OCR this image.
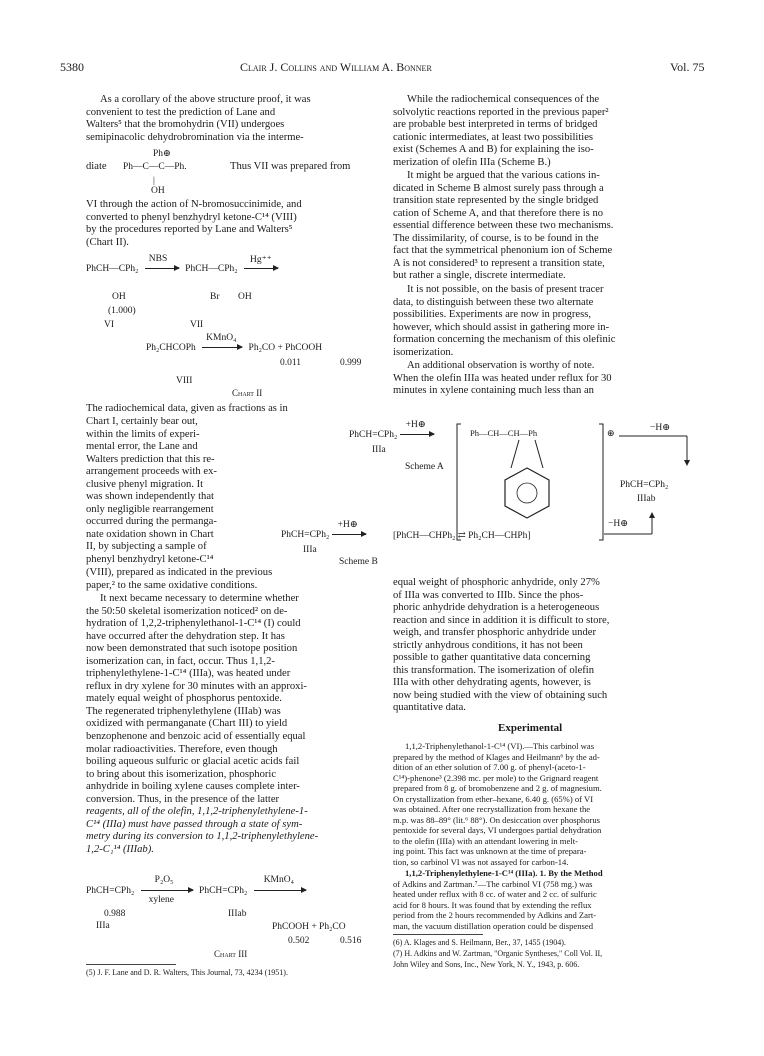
5380	Clair J. Collins and William A. Bonner	Vol. 75

As a corollary of the above structure proof, it was

convenient to test the prediction of Lane and

Walters⁵ that the bromohydrin (VII) undergoes

semipinacolic dehydrobromination via the interme-

diate
Ph⊕
Ph—C—C—Ph.
|
OH
Thus VII was prepared from

VI through the action of N-bromosuccinimide, and

converted to phenyl benzhydryl ketone-C¹⁴ (VIII)

by the procedures reported by Lane and Walters⁵

(Chart II).

PhCH—CPh₂
NBS
PhCH—CPh₂
Hg⁺⁺
OH	Br OH
(1.000)
VI	VII
Ph₂CHCOPh
KMnO₄
Ph₂CO + PhCOOH
0.011	0.999
VIII
Chart II

The radiochemical data, given as fractions as in

Chart I, certainly bear out,

within the limits of experi-

mental error, the Lane and

Walters prediction that this re-

arrangement proceeds with ex-

clusive phenyl migration. It

was shown independently that

only negligible rearrangement

occurred during the permanga-

nate oxidation shown in Chart

II, by subjecting a sample of

phenyl benzhydryl ketone-C¹⁴

(VIII), prepared as indicated in the previous

paper,² to the same oxidative conditions.

It next became necessary to determine whether

the 50:50 skeletal isomerization noticed² on de-

hydration of 1,2,2-triphenylethanol-1-C¹⁴ (I) could

have occurred after the dehydration step. It has

now been demonstrated that such isotope position

isomerization can, in fact, occur. Thus 1,1,2-

triphenylethylene-1-C¹⁴ (IIIa), was heated under

reflux in dry xylene for 30 minutes with an approxi-

mately equal weight of phosphorus pentoxide.

The regenerated triphenylethylene (IIIab) was

oxidized with permanganate (Chart III) to yield

benzophenone and benzoic acid of essentially equal

molar radioactivities. Therefore, even though

boiling aqueous sulfuric or glacial acetic acids fail

to bring about this isomerization, phosphoric

anhydride in boiling xylene causes complete inter-

conversion. Thus, in the presence of the latter

reagents, all of the olefin, 1,1,2-triphenylethylene-1-

C¹⁴ (IIIa) must have passed through a state of sym-

metry during its conversion to 1,1,2-triphenylethylene-

1,2-C₁¹⁴ (IIIab).

PhCH=CPh₂
P₂O₅
xylene
PhCH=CPh₂
KMnO₄
0.988
IIIa
IIIab
PhCOOH + Ph₂CO
0.502	0.516
Chart III
(5) J. F. Lane and D. R. Walters, This Journal, 73, 4234 (1951).

While the radiochemical consequences of the

solvolytic reactions reported in the previous paper²

are probable best interpreted in terms of bridged

cationic intermediates, at least two possibilities

exist (Schemes A and B) for explaining the iso-

merization of olefin IIIa (Scheme B.)

It might be argued that the various cations in-

dicated in Scheme B almost surely pass through a

transition state represented by the single bridged

cation of Scheme A, and that therefore there is no

essential difference between these two mechanisms.

The dissimilarity, of course, is to be found in the

fact that the symmetrical phenonium ion of Scheme

A is not considered³ to represent a transition state,

but rather a single, discrete intermediate.

It is not possible, on the basis of present tracer

data, to distinguish between these two alternate

possibilities. Experiments are now in progress,

however, which should assist in gathering more in-

formation concerning the mechanism of this olefinic

isomerization.

An additional observation is worthy of note.

When the olefin IIIa was heated under reflux for 30

minutes in xylene containing much less than an

PhCH=CPh₂
+H⊕
IIIa
Scheme A
⊕
Ph—CH—CH—Ph	−H⊕
PhCH=CPh₂
IIIab
PhCH=CPh₂
+H⊕
IIIa
Scheme B
[PhCH—CHPh₂ ⇄ Ph₂CH—CHPh]
−H⊕

equal weight of phosphoric anhydride, only 27%

of IIIa was converted to IIIb. Since the phos-

phoric anhydride dehydration is a heterogeneous

reaction and since in addition it is difficult to store,

weigh, and transfer phosphoric anhydride under

strictly anhydrous conditions, it has not been

possible to gather quantitative data concerning

this transformation. The isomerization of olefin

IIIa with other dehydrating agents, however, is

now being studied with the view of obtaining such

quantitative data.

Experimental

1,1,2-Triphenylethanol-1-C¹⁴ (VI).—This carbinol was

prepared by the method of Klages and Heilmann⁶ by the ad-

dition of an ether solution of 7.00 g. of phenyl-(aceto-1-

C¹⁴)-phenone³ (2.398 mc. per mole) to the Grignard reagent

prepared from 8 g. of bromobenzene and 2 g. of magnesium.

On crystallization from ether–hexane, 6.40 g. (65%) of VI

was obtained. After one recrystallization from hexane the

m.p. was 88–89° (lit.⁶ 88°). On desiccation over phosphorus

pentoxide for several days, VI undergoes partial dehydration

to the olefin (IIIa) with an attendant lowering in melt-

ing point. This fact was unknown at the time of prepara-

tion, so carbinol VI was not assayed for carbon-14.

1,1,2-Triphenylethylene-1-C¹⁴ (IIIa). 1. By the Method

of Adkins and Zartman.⁷—The carbinol VI (758 mg.) was

heated under reflux with 8 cc. of water and 2 cc. of sulfuric

acid for 8 hours. It was found that by extending the reflux

period from the 2 hours recommended by Adkins and Zart-

man, the vacuum distillation operation could be dispensed

(6) A. Klages and S. Heilmann, Ber., 37, 1455 (1904).
(7) H. Adkins and W. Zartman, "Organic Syntheses," Coll Vol. II,
John Wiley and Sons, Inc., New York, N. Y., 1943, p. 606.
